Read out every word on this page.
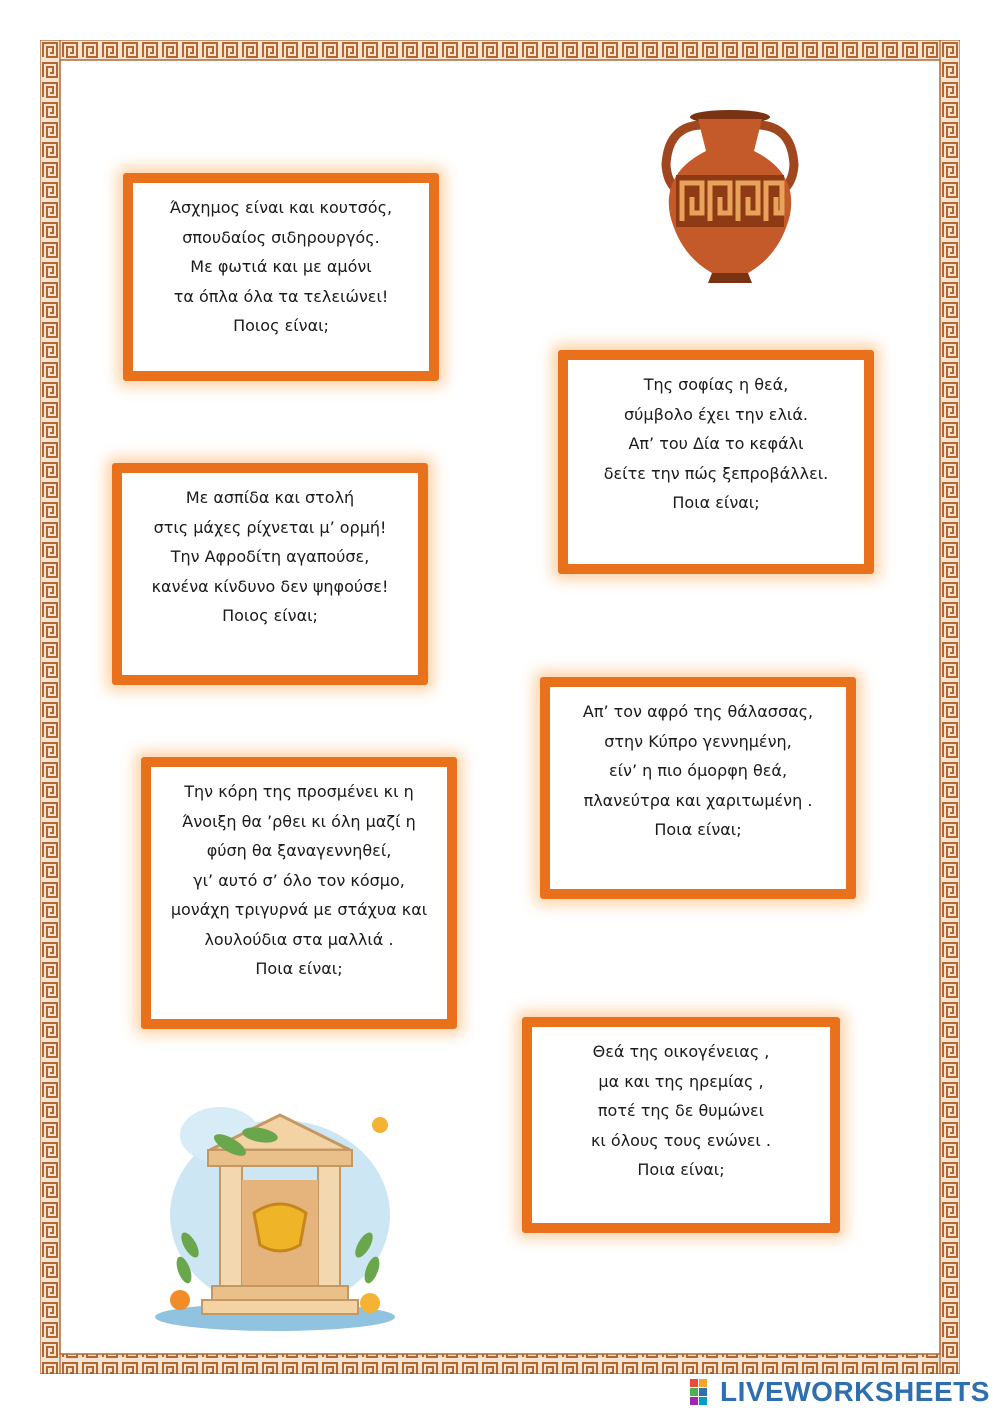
Άσχημος είναι και κουτσός,
σπουδαίος σιδηρουργός.
Με φωτιά και με αμόνι
τα όπλα όλα τα τελειώνει!
Ποιος είναι;
Της σοφίας η θεά,
σύμβολο έχει την ελιά.
Απ’ του Δία το κεφάλι
δείτε την πώς ξεπροβάλλει.
Ποια είναι;
Με ασπίδα και στολή
στις μάχες ρίχνεται μ’ ορμή!
Την Αφροδίτη αγαπούσε,
κανένα κίνδυνο δεν ψηφούσε!
Ποιος είναι;
Απ’ τον αφρό της θάλασσας,
στην Κύπρο γεννημένη,
είν’ η πιο όμορφη θεά,
πλανεύτρα και χαριτωμένη .
Ποια είναι;
Την κόρη της προσμένει κι η
Άνοιξη θα ’ρθει κι όλη μαζί η
φύση θα ξαναγεννηθεί,
γι’ αυτό σ’ όλο τον κόσμο,
μονάχη τριγυρνά με στάχυα και
λουλούδια στα μαλλιά .
Ποια είναι;
Θεά της οικογένειας ,
μα και της ηρεμίας ,
ποτέ της δε θυμώνει
κι όλους τους ενώνει .
Ποια είναι;
LIVEWORKSHEETS
